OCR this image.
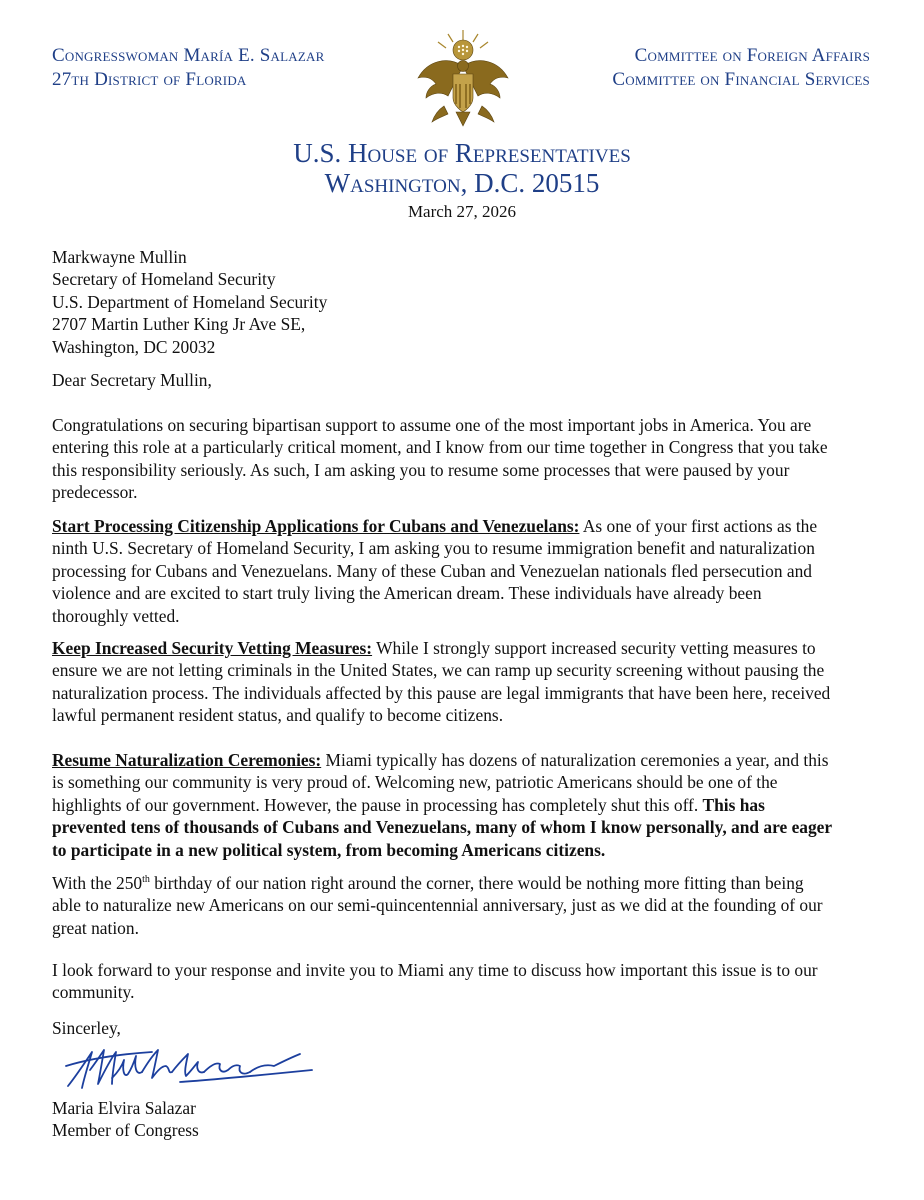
Congresswoman María E. Salazar
27th District of Florida
Committee on Foreign Affairs
Committee on Financial Services
U.S. House of Representatives
Washington, D.C. 20515
March 27, 2026
Markwayne Mullin
Secretary of Homeland Security
U.S. Department of Homeland Security
2707 Martin Luther King Jr Ave SE,
Washington, DC 20032
Dear Secretary Mullin,
Congratulations on securing bipartisan support to assume one of the most important jobs in America. You are
entering this role at a particularly critical moment, and I know from our time together in Congress that you take
this responsibility seriously. As such, I am asking you to resume some processes that were paused by your
predecessor.
Start Processing Citizenship Applications for Cubans and Venezuelans: As one of your first actions as the
ninth U.S. Secretary of Homeland Security, I am asking you to resume immigration benefit and naturalization
processing for Cubans and Venezuelans. Many of these Cuban and Venezuelan nationals fled persecution and
violence and are excited to start truly living the American dream. These individuals have already been
thoroughly vetted.
Keep Increased Security Vetting Measures: While I strongly support increased security vetting measures to
ensure we are not letting criminals in the United States, we can ramp up security screening without pausing the
naturalization process. The individuals affected by this pause are legal immigrants that have been here, received
lawful permanent resident status, and qualify to become citizens.
Resume Naturalization Ceremonies: Miami typically has dozens of naturalization ceremonies a year, and this
is something our community is very proud of. Welcoming new, patriotic Americans should be one of the
highlights of our government. However, the pause in processing has completely shut this off. This has
prevented tens of thousands of Cubans and Venezuelans, many of whom I know personally, and are eager
to participate in a new political system, from becoming Americans citizens.
With the 250th birthday of our nation right around the corner, there would be nothing more fitting than being
able to naturalize new Americans on our semi-quincentennial anniversary, just as we did at the founding of our
great nation.
I look forward to your response and invite you to Miami any time to discuss how important this issue is to our
community.
Sincerley,
Maria Elvira Salazar
Member of Congress
